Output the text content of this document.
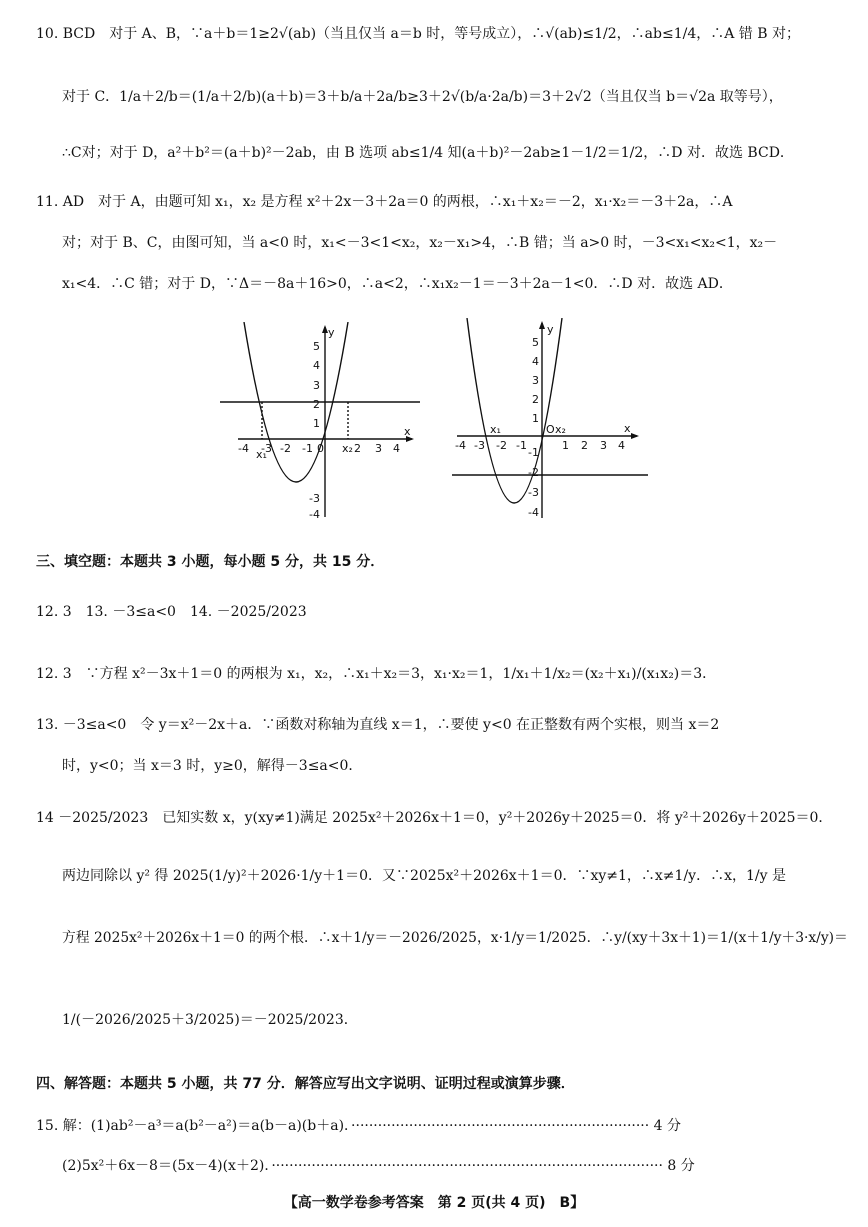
10. BCD　对于 A、B，∵a＋b＝1≥2√(ab)（当且仅当 a＝b 时，等号成立），∴√(ab)≤1/2，∴ab≤1/4，∴A 错 B 对；
对于 C．1/a＋2/b＝(1/a＋2/b)(a＋b)＝3＋b/a＋2a/b≥3＋2√(b/a·2a/b)＝3＋2√2（当且仅当 b＝√2a 取等号），
∴C对；对于 D，a²＋b²＝(a＋b)²－2ab，由 B 选项 ab≤1/4 知(a＋b)²－2ab≥1－1/2＝1/2，∴D 对．故选 BCD．
11. AD　对于 A，由题可知 x₁，x₂ 是方程 x²＋2x－3＋2a＝0 的两根，∴x₁＋x₂＝－2，x₁·x₂＝－3＋2a，∴A
对；对于 B、C，由图可知，当 a<0 时，x₁<－3<1<x₂，x₂－x₁>4，∴B 错；当 a>0 时，－3<x₁<x₂<1，x₂－
x₁<4．∴C 错；对于 D，∵Δ＝－8a＋16>0，∴a<2，∴x₁x₂－1＝－3＋2a－1<0．∴D 对．故选 AD．
y
x
5
4
3
2
1
-3
-4
-4 -3 -2 -1 0	2 3 4
x₁	x₂
y
x
O
5
4
3
2
1
-1
-2
-3
-4
-4 -3 -2 -1	1 2 3 4
x₁	x₂
三、填空题：本题共 3 小题，每小题 5 分，共 15 分．
12. 3　13. －3≤a<0　14. －2025/2023
12. 3　∵方程 x²－3x＋1＝0 的两根为 x₁，x₂，∴x₁＋x₂＝3，x₁·x₂＝1，1/x₁＋1/x₂＝(x₂＋x₁)/(x₁x₂)＝3．
13. －3≤a<0　令 y＝x²－2x＋a．∵函数对称轴为直线 x＝1，∴要使 y<0 在正整数有两个实根，则当 x＝2
时，y<0；当 x＝3 时，y≥0，解得－3≤a<0．
14 －2025/2023　已知实数 x，y(xy≠1)满足 2025x²＋2026x＋1＝0，y²＋2026y＋2025＝0．将 y²＋2026y＋2025＝0．
两边同除以 y² 得 2025(1/y)²＋2026·1/y＋1＝0．又∵2025x²＋2026x＋1＝0．∵xy≠1，∴x≠1/y．∴x，1/y 是
方程 2025x²＋2026x＋1＝0 的两个根．∴x＋1/y＝－2026/2025，x·1/y＝1/2025．∴y/(xy＋3x＋1)＝1/(x＋1/y＋3·x/y)＝
1/(－2026/2025＋3/2025)＝－2025/2023．
四、解答题：本题共 5 小题，共 77 分．解答应写出文字说明、证明过程或演算步骤．
15. 解：(1)ab²－a³＝a(b²－a²)＝a(b－a)(b＋a)．··································································· 4 分
(2)5x²＋6x－8＝(5x－4)(x＋2)．························································································ 8 分
【高一数学卷参考答案　第 2 页(共 4 页)　B】
